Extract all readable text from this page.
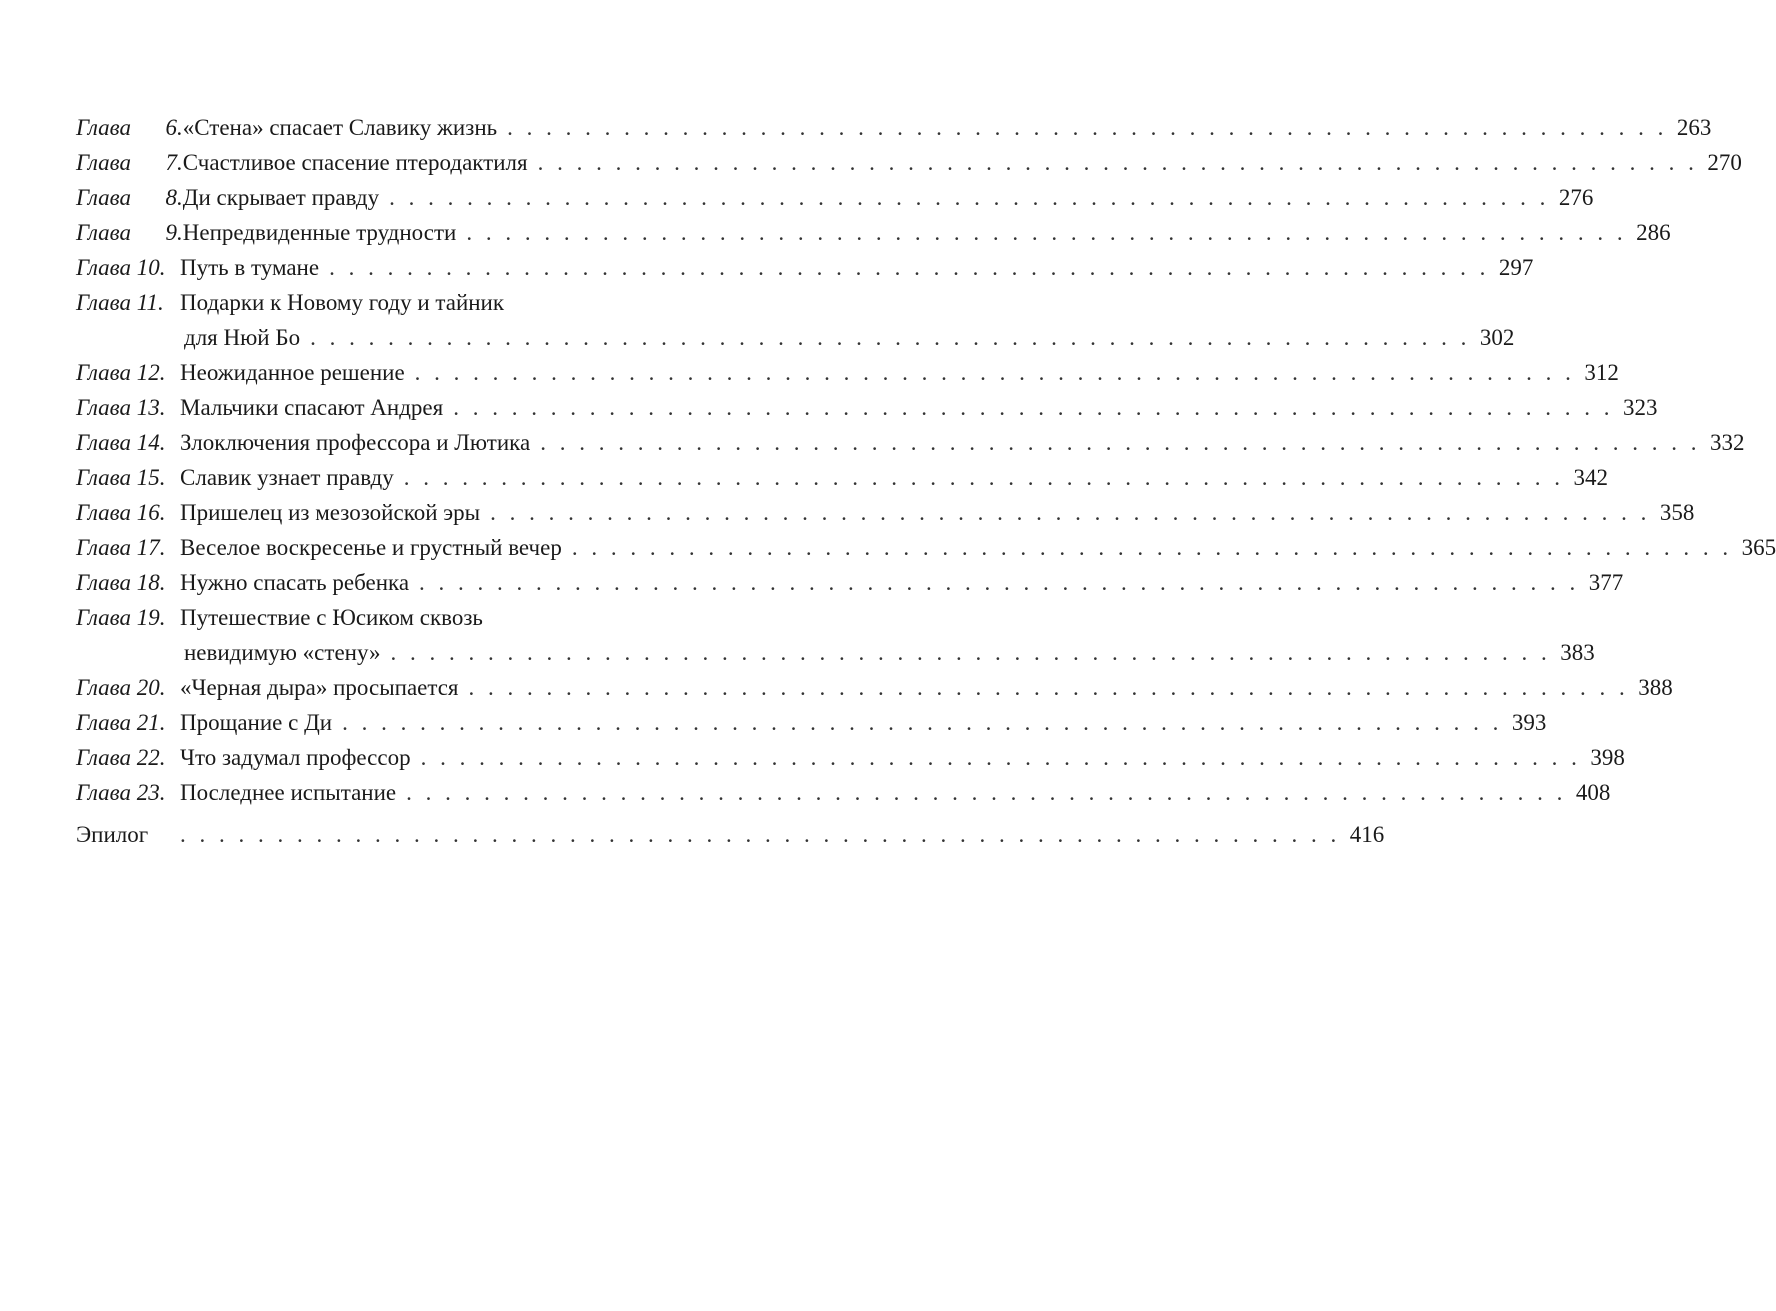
Глава   6. «Стена» спасает Славику жизнь . . . . . . . . . . . . . . . . . . . . . . . . . . . . . . . . . . . . . . . . . . . . . . . . . . . . . . . . . . . . 263
Глава   7. Счастливое спасение птеродактиля . . . . . . . . . . . . . . . . . . . . . . . . . . . . . . . . . . . . . . . . . . . . . . . . . . . . . . . . . . . . 270
Глава   8. Ди скрывает правду . . . . . . . . . . . . . . . . . . . . . . . . . . . . . . . . . . . . . . . . . . . . . . . . . . . . . . . . . . . . 276
Глава   9. Непредвиденные трудности . . . . . . . . . . . . . . . . . . . . . . . . . . . . . . . . . . . . . . . . . . . . . . . . . . . . . . . . . . . . 286
Глава 10. Путь в тумане . . . . . . . . . . . . . . . . . . . . . . . . . . . . . . . . . . . . . . . . . . . . . . . . . . . . . . . . . . . . 297
Глава 11. Подарки к Новому году и тайник
для Нюй Бо . . . . . . . . . . . . . . . . . . . . . . . . . . . . . . . . . . . . . . . . . . . . . . . . . . . . . . . . . . . . 302
Глава 12. Неожиданное решение . . . . . . . . . . . . . . . . . . . . . . . . . . . . . . . . . . . . . . . . . . . . . . . . . . . . . . . . . . . . 312
Глава 13. Мальчики спасают Андрея . . . . . . . . . . . . . . . . . . . . . . . . . . . . . . . . . . . . . . . . . . . . . . . . . . . . . . . . . . . . 323
Глава 14. Злоключения профессора и Лютика . . . . . . . . . . . . . . . . . . . . . . . . . . . . . . . . . . . . . . . . . . . . . . . . . . . . . . . . . . . . 332
Глава 15. Славик узнает правду . . . . . . . . . . . . . . . . . . . . . . . . . . . . . . . . . . . . . . . . . . . . . . . . . . . . . . . . . . . . 342
Глава 16. Пришелец из мезозойской эры . . . . . . . . . . . . . . . . . . . . . . . . . . . . . . . . . . . . . . . . . . . . . . . . . . . . . . . . . . . . 358
Глава 17. Веселое воскресенье и грустный вечер . . . . . . . . . . . . . . . . . . . . . . . . . . . . . . . . . . . . . . . . . . . . . . . . . . . . . . . . . . . . 365
Глава 18. Нужно спасать ребенка . . . . . . . . . . . . . . . . . . . . . . . . . . . . . . . . . . . . . . . . . . . . . . . . . . . . . . . . . . . . 377
Глава 19. Путешествие с Юсиком сквозь
невидимую «стену» . . . . . . . . . . . . . . . . . . . . . . . . . . . . . . . . . . . . . . . . . . . . . . . . . . . . . . . . . . . . 383
Глава 20. «Черная дыра» просыпается . . . . . . . . . . . . . . . . . . . . . . . . . . . . . . . . . . . . . . . . . . . . . . . . . . . . . . . . . . . . 388
Глава 21. Прощание с Ди . . . . . . . . . . . . . . . . . . . . . . . . . . . . . . . . . . . . . . . . . . . . . . . . . . . . . . . . . . . . 393
Глава 22. Что задумал профессор . . . . . . . . . . . . . . . . . . . . . . . . . . . . . . . . . . . . . . . . . . . . . . . . . . . . . . . . . . . . 398
Глава 23. Последнее испытание . . . . . . . . . . . . . . . . . . . . . . . . . . . . . . . . . . . . . . . . . . . . . . . . . . . . . . . . . . . . 408
Эпилог	. . . . . . . . . . . . . . . . . . . . . . . . . . . . . . . . . . . . . . . . . . . . . . . . . . . . . . . . . . . . 416
